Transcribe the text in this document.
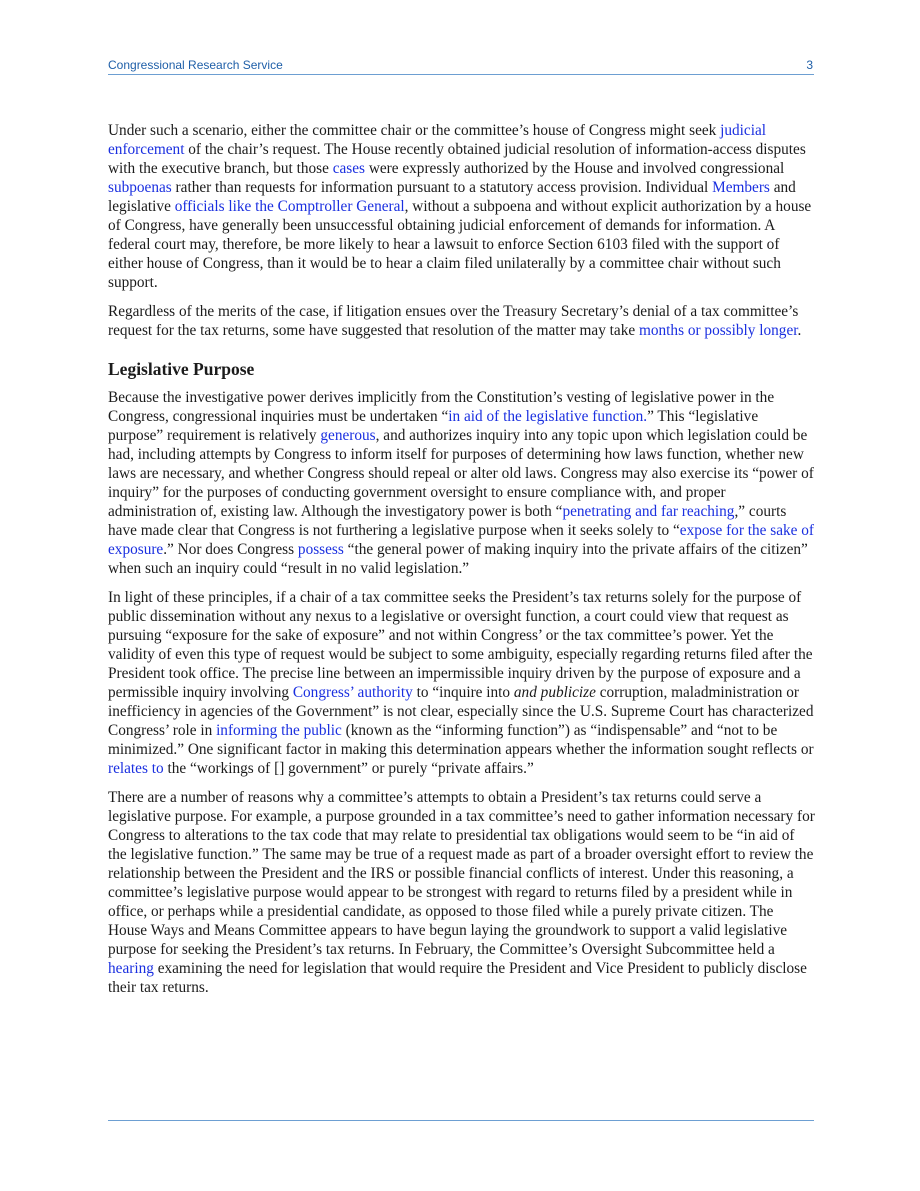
Congressional Research Service	3

Under such a scenario, either the committee chair or the committee’s house of Congress might seek judicial enforcement of the chair’s request. The House recently obtained judicial resolution of information-access disputes with the executive branch, but those cases were expressly authorized by the House and involved congressional subpoenas rather than requests for information pursuant to a statutory access provision. Individual Members and legislative officials like the Comptroller General, without a subpoena and without explicit authorization by a house of Congress, have generally been unsuccessful obtaining judicial enforcement of demands for information. A federal court may, therefore, be more likely to hear a lawsuit to enforce Section 6103 filed with the support of either house of Congress, than it would be to hear a claim filed unilaterally by a committee chair without such support.

Regardless of the merits of the case, if litigation ensues over the Treasury Secretary’s denial of a tax committee’s request for the tax returns, some have suggested that resolution of the matter may take months or possibly longer.

Legislative Purpose

Because the investigative power derives implicitly from the Constitution’s vesting of legislative power in the Congress, congressional inquiries must be undertaken “in aid of the legislative function.” This “legislative purpose” requirement is relatively generous, and authorizes inquiry into any topic upon which legislation could be had, including attempts by Congress to inform itself for purposes of determining how laws function, whether new laws are necessary, and whether Congress should repeal or alter old laws. Congress may also exercise its “power of inquiry” for the purposes of conducting government oversight to ensure compliance with, and proper administration of, existing law. Although the investigatory power is both “penetrating and far reaching,” courts have made clear that Congress is not furthering a legislative purpose when it seeks solely to “expose for the sake of exposure.” Nor does Congress possess “the general power of making inquiry into the private affairs of the citizen” when such an inquiry could “result in no valid legislation.”

In light of these principles, if a chair of a tax committee seeks the President’s tax returns solely for the purpose of public dissemination without any nexus to a legislative or oversight function, a court could view that request as pursuing “exposure for the sake of exposure” and not within Congress’ or the tax committee’s power. Yet the validity of even this type of request would be subject to some ambiguity, especially regarding returns filed after the President took office. The precise line between an impermissible inquiry driven by the purpose of exposure and a permissible inquiry involving Congress’ authority to “inquire into and publicize corruption, maladministration or inefficiency in agencies of the Government” is not clear, especially since the U.S. Supreme Court has characterized Congress’ role in informing the public (known as the “informing function”) as “indispensable” and “not to be minimized.” One significant factor in making this determination appears whether the information sought reflects or relates to the “workings of [] government” or purely “private affairs.”

There are a number of reasons why a committee’s attempts to obtain a President’s tax returns could serve a legislative purpose. For example, a purpose grounded in a tax committee’s need to gather information necessary for Congress to alterations to the tax code that may relate to presidential tax obligations would seem to be “in aid of the legislative function.” The same may be true of a request made as part of a broader oversight effort to review the relationship between the President and the IRS or possible financial conflicts of interest. Under this reasoning, a committee’s legislative purpose would appear to be strongest with regard to returns filed by a president while in office, or perhaps while a presidential candidate, as opposed to those filed while a purely private citizen. The House Ways and Means Committee appears to have begun laying the groundwork to support a valid legislative purpose for seeking the President’s tax returns. In February, the Committee’s Oversight Subcommittee held a hearing examining the need for legislation that would require the President and Vice President to publicly disclose their tax returns.
